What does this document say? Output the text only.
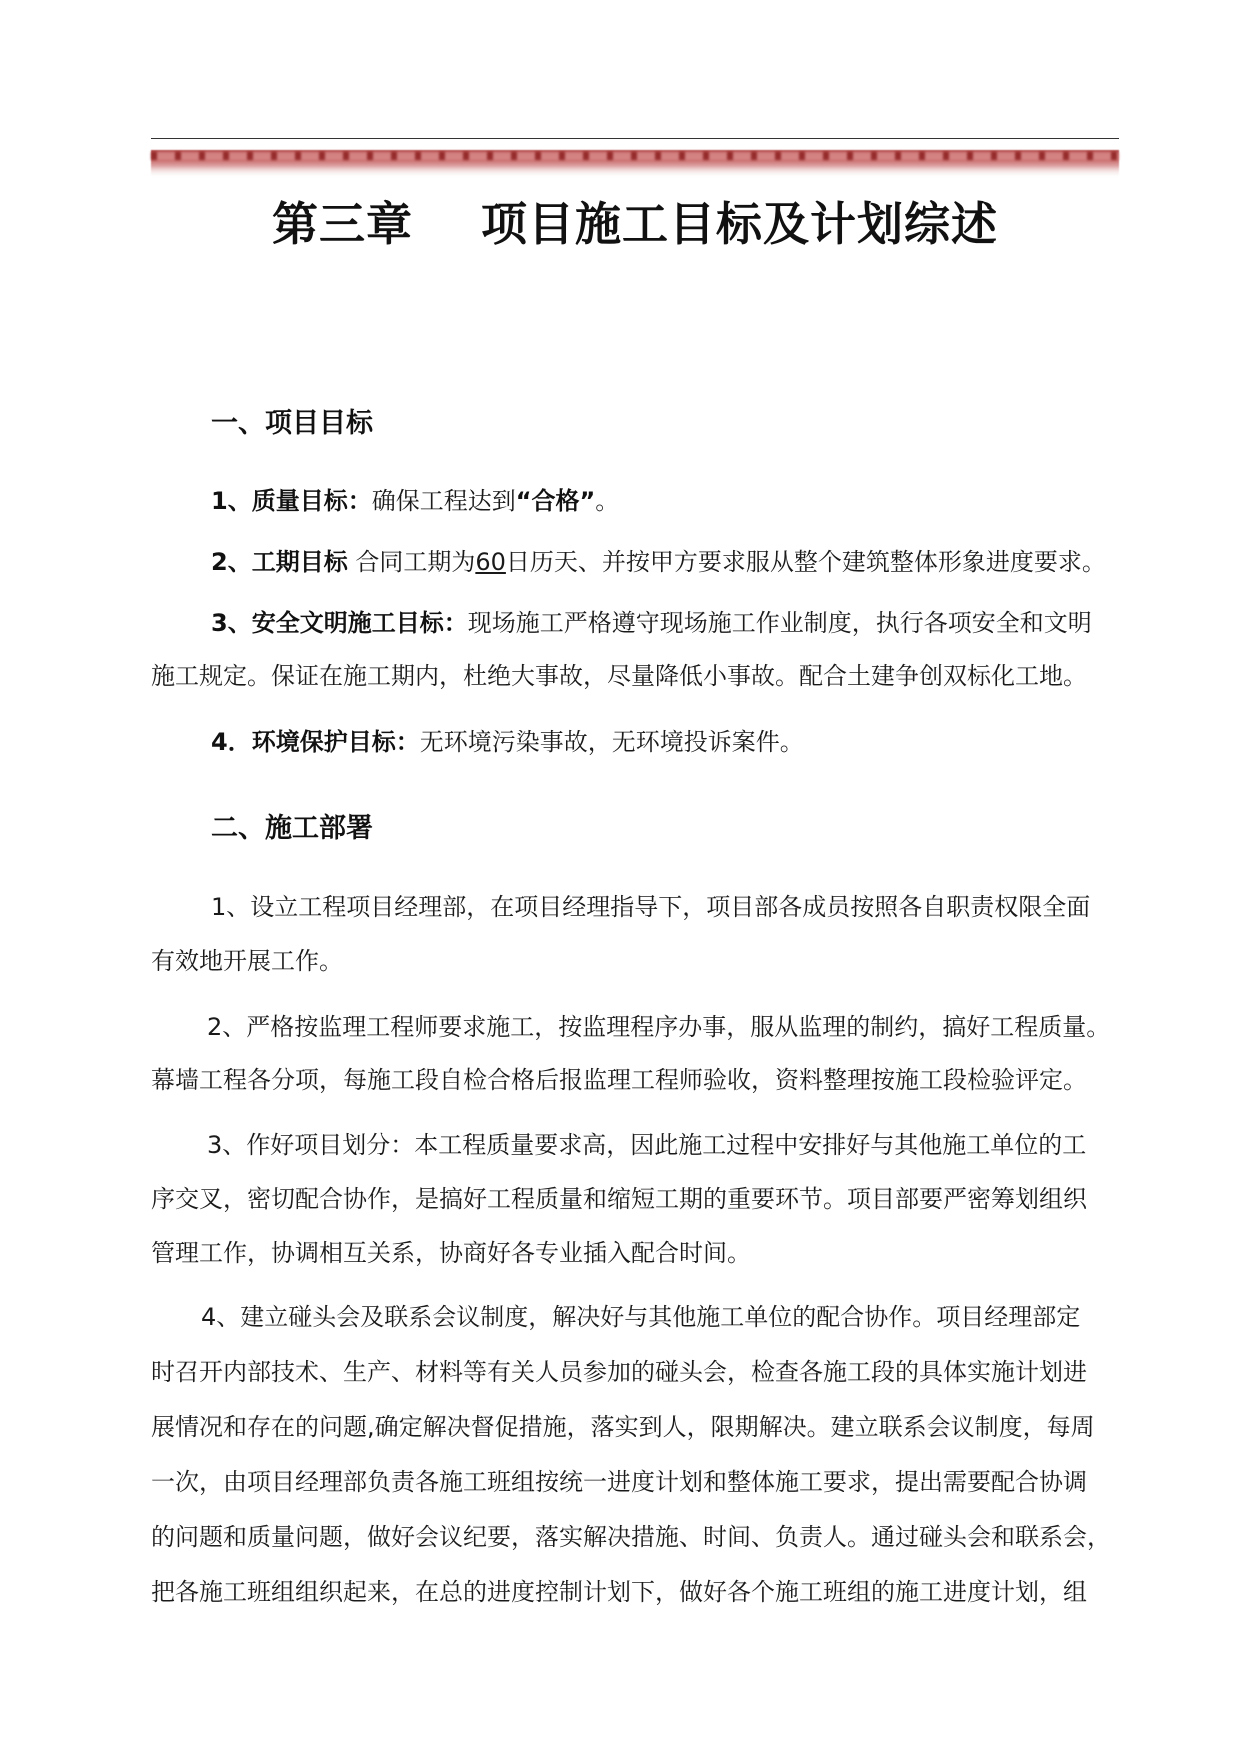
第三章    项目施工目标及计划综述
一、项目目标
1、质量目标：确保工程达到“合格”。
2、工期目标 合同工期为60日历天、并按甲方要求服从整个建筑整体形象进度要求。
3、安全文明施工目标：现场施工严格遵守现场施工作业制度，执行各项安全和文明
施工规定。保证在施工期内，杜绝大事故，尽量降低小事故。配合土建争创双标化工地。
4．环境保护目标：无环境污染事故，无环境投诉案件。
二、施工部署
1、设立工程项目经理部，在项目经理指导下，项目部各成员按照各自职责权限全面
有效地开展工作。
2、严格按监理工程师要求施工，按监理程序办事，服从监理的制约，搞好工程质量。
幕墙工程各分项，每施工段自检合格后报监理工程师验收，资料整理按施工段检验评定。
3、作好项目划分：本工程质量要求高，因此施工过程中安排好与其他施工单位的工
序交叉，密切配合协作，是搞好工程质量和缩短工期的重要环节。项目部要严密筹划组织
管理工作，协调相互关系，协商好各专业插入配合时间。
4、建立碰头会及联系会议制度，解决好与其他施工单位的配合协作。项目经理部定
时召开内部技术、生产、材料等有关人员参加的碰头会，检查各施工段的具体实施计划进
展情况和存在的问题,确定解决督促措施，落实到人，限期解决。建立联系会议制度，每周
一次，由项目经理部负责各施工班组按统一进度计划和整体施工要求，提出需要配合协调
的问题和质量问题，做好会议纪要，落实解决措施、时间、负责人。通过碰头会和联系会，
把各施工班组组织起来，在总的进度控制计划下，做好各个施工班组的施工进度计划，组
